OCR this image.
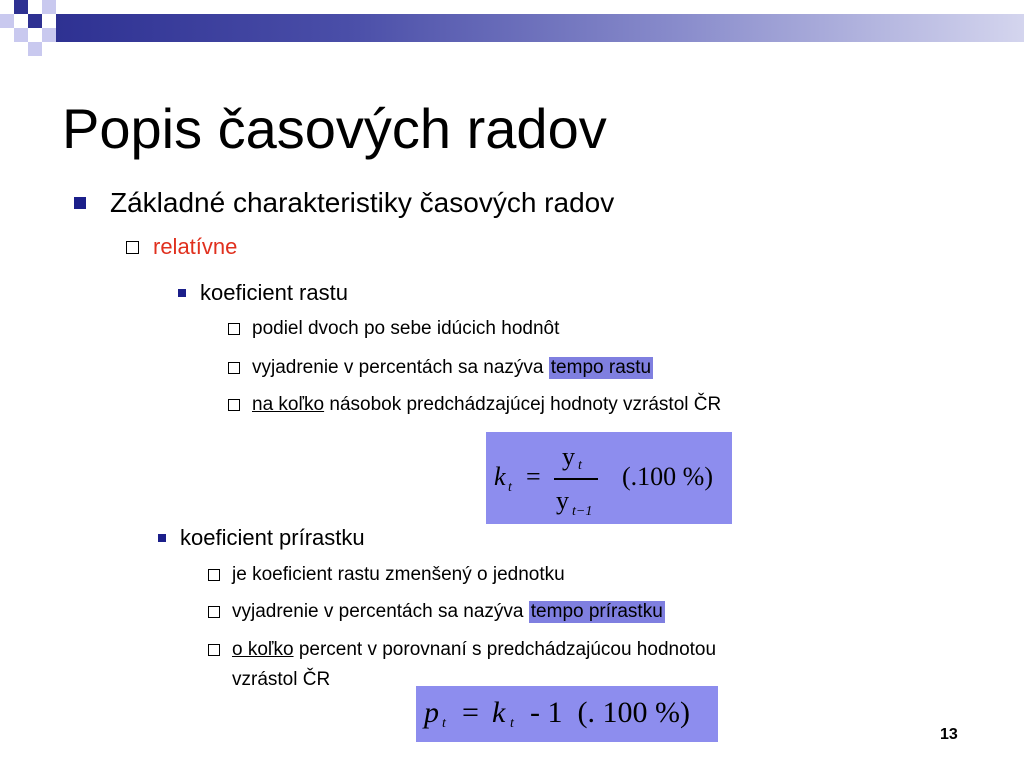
Popis časových radov
Základné charakteristiky časových radov
relatívne
koeficient rastu
podiel dvoch po sebe idúcich hodnôt
vyjadrenie v percentách sa nazýva
tempo rastu
na koľko
násobok predchádzajúcej hodnoty vzrástol ČR
k t =
y t
y t−1
(.100 %)
koeficient prírastku
je koeficient rastu zmenšený o jednotku
vyjadrenie v percentách sa nazýva
tempo prírastku
o koľko
percent v porovnaní s predchádzajúcou hodnotou
vzrástol ČR
p t = k t - 1  (. 100 %)
13
